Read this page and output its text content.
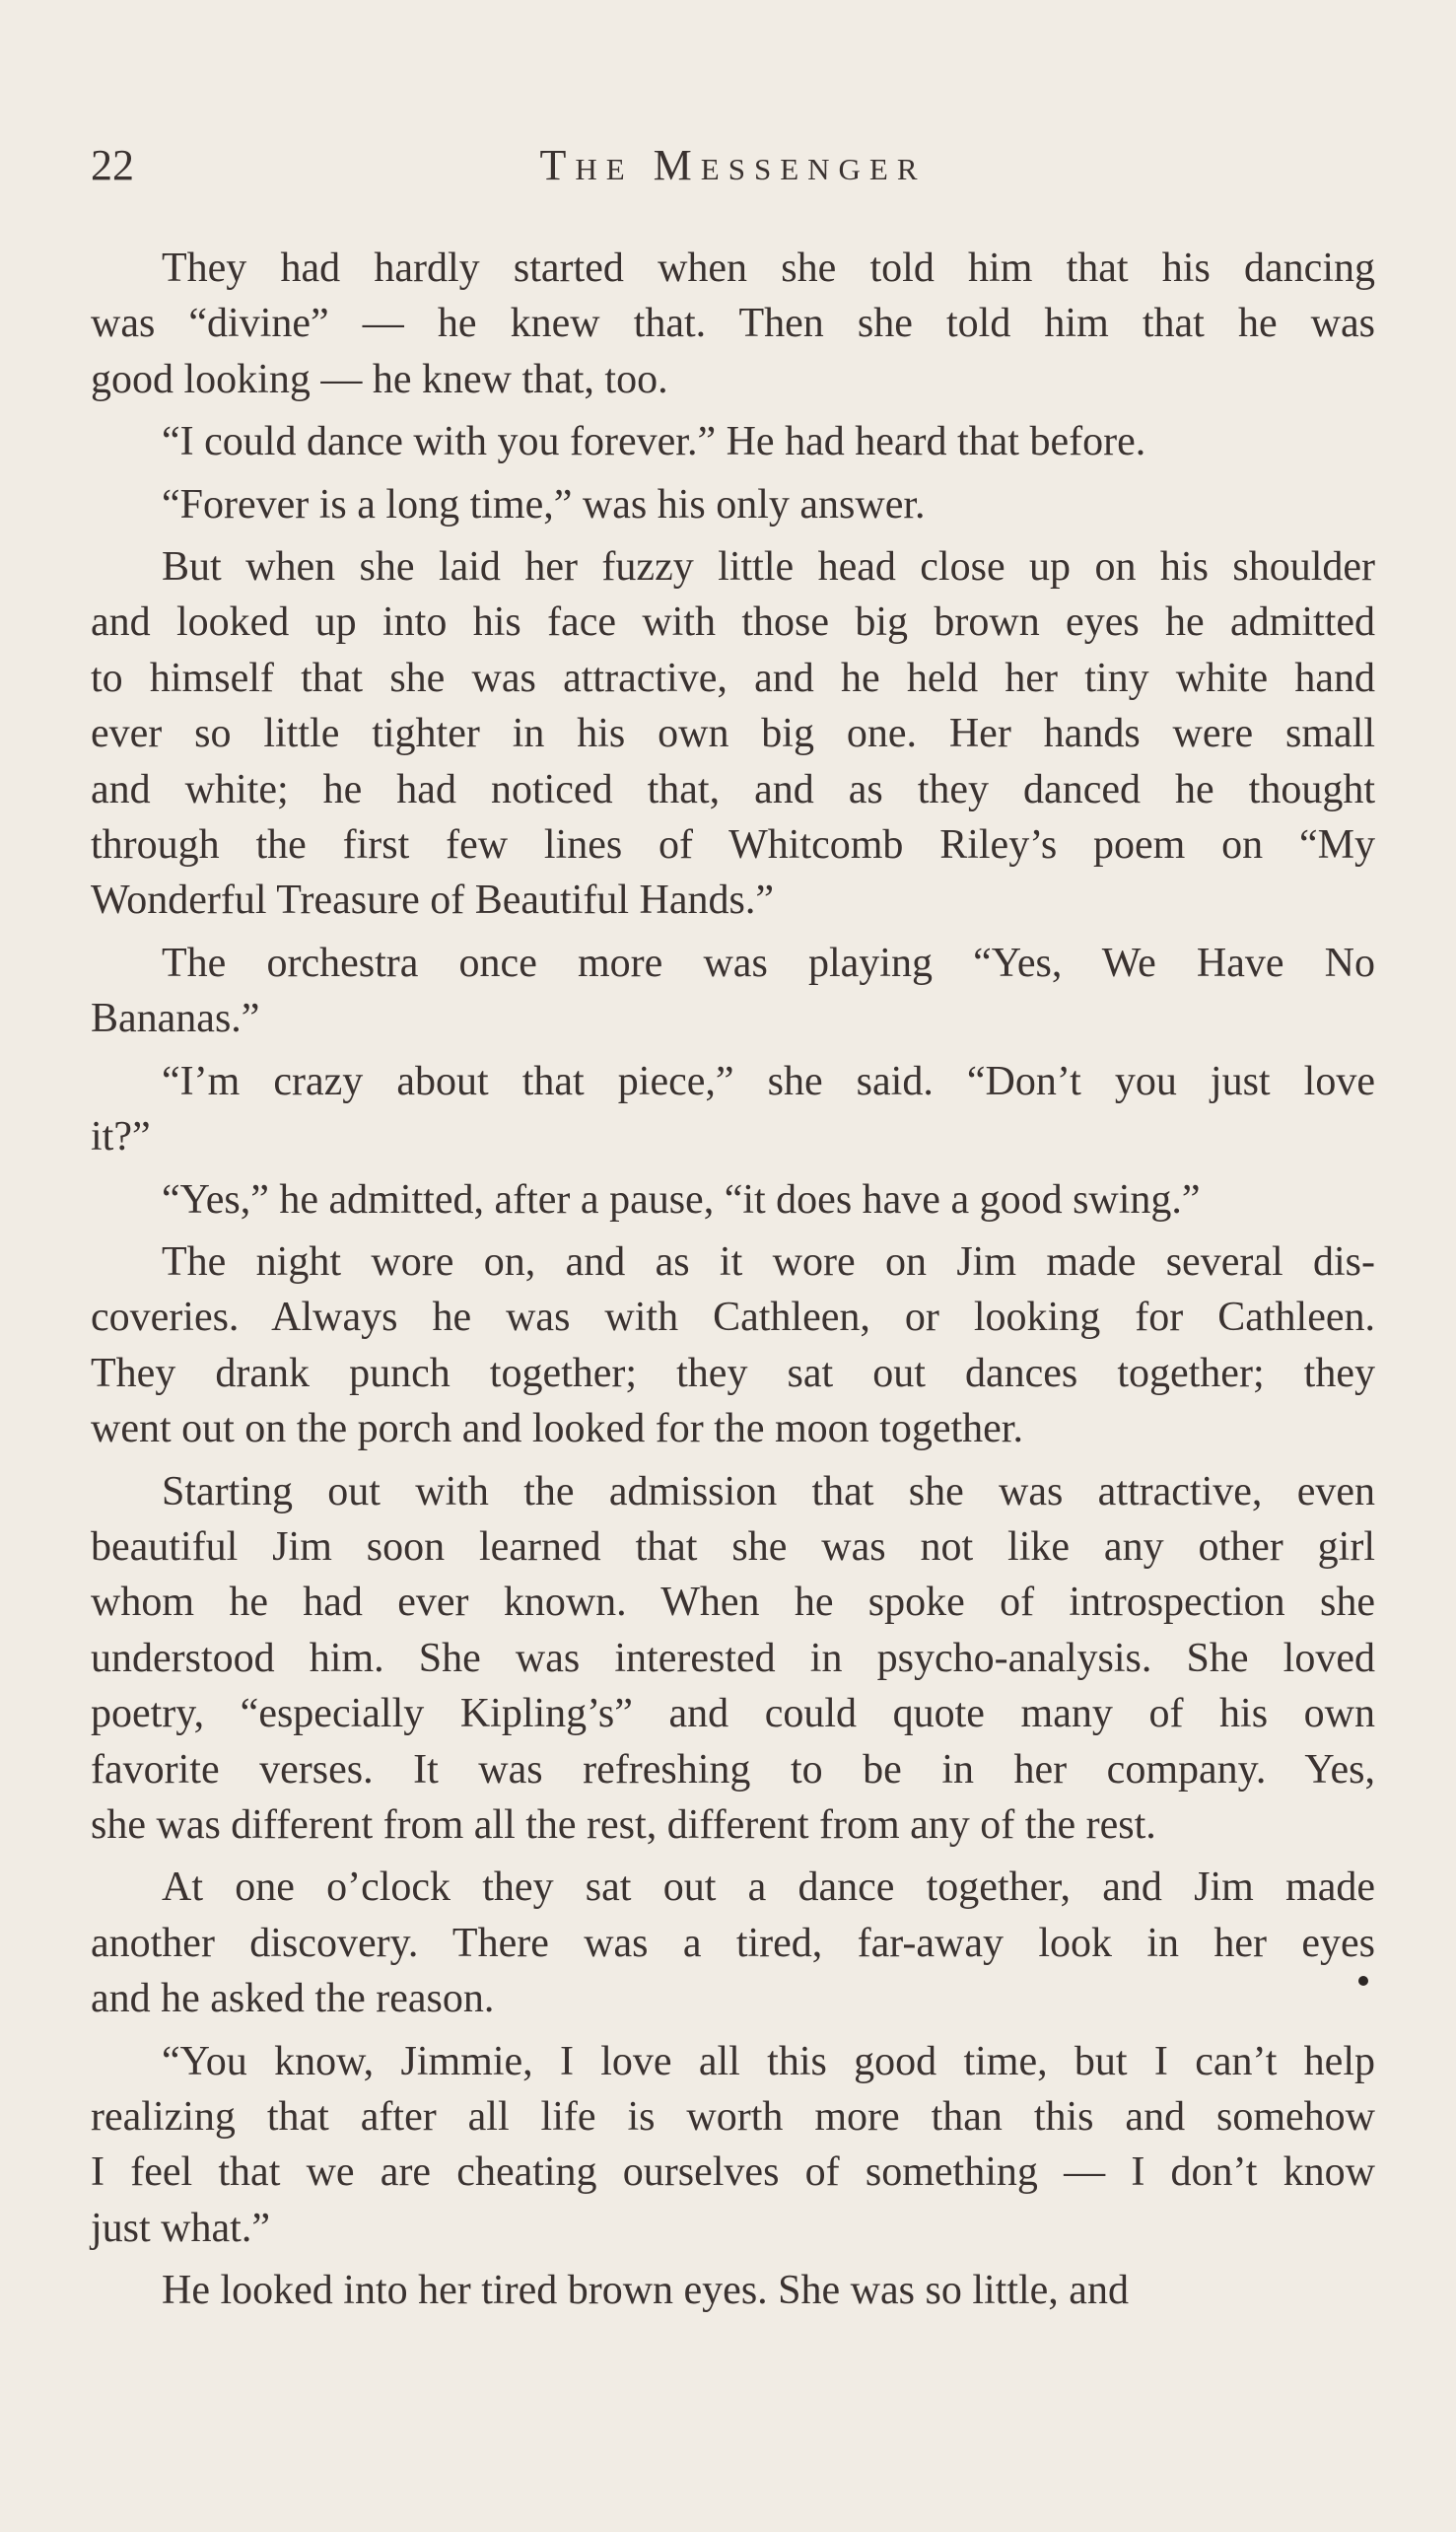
22	The Messenger
They had hardly started when she told him that his dancing
was “divine” — he knew that. Then she told him that he was
good looking — he knew that, too.
“I could dance with you forever.” He had heard that before.
“Forever is a long time,” was his only answer.
But when she laid her fuzzy little head close up on his shoulder
and looked up into his face with those big brown eyes he admitted
to himself that she was attractive, and he held her tiny white hand
ever so little tighter in his own big one. Her hands were small
and white; he had noticed that, and as they danced he thought
through the first few lines of Whitcomb Riley’s poem on “My
Wonderful Treasure of Beautiful Hands.”
The orchestra once more was playing “Yes, We Have No
Bananas.”
“I’m crazy about that piece,” she said. “Don’t you just love
it?”
“Yes,” he admitted, after a pause, “it does have a good swing.”
The night wore on, and as it wore on Jim made several dis-
coveries. Always he was with Cathleen, or looking for Cathleen.
They drank punch together; they sat out dances together; they
went out on the porch and looked for the moon together.
Starting out with the admission that she was attractive, even
beautiful Jim soon learned that she was not like any other girl
whom he had ever known. When he spoke of introspection she
understood him. She was interested in psycho-analysis. She loved
poetry, “especially Kipling’s” and could quote many of his own
favorite verses. It was refreshing to be in her company. Yes,
she was different from all the rest, different from any of the rest.
At one o’clock they sat out a dance together, and Jim made
another discovery. There was a tired, far-away look in her eyes
and he asked the reason.
“You know, Jimmie, I love all this good time, but I can’t help
realizing that after all life is worth more than this and somehow
I feel that we are cheating ourselves of something — I don’t know
just what.”
He looked into her tired brown eyes. She was so little, and
